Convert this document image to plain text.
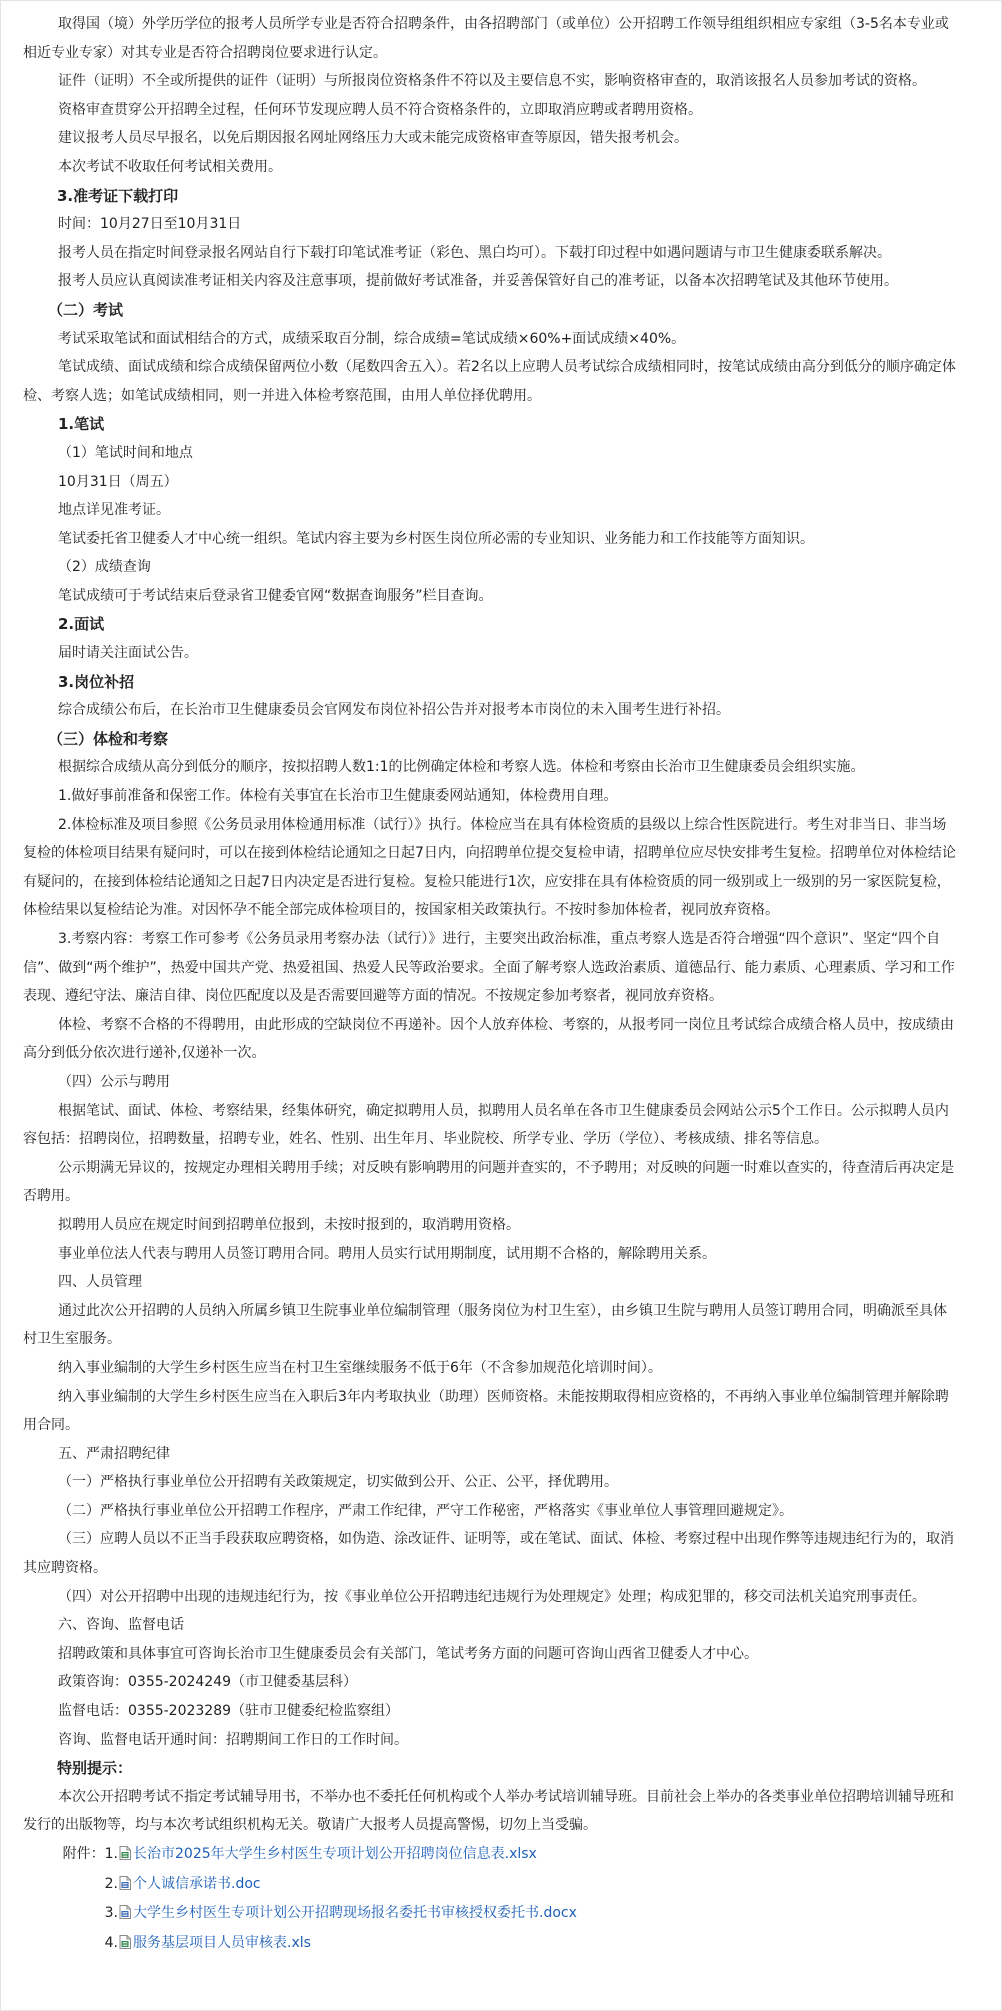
取得国（境）外学历学位的报考人员所学专业是否符合招聘条件，由各招聘部门（或单位）公开招聘工作领导组组织相应专家组（3-5名本专业或相近专业专家）对其专业是否符合招聘岗位要求进行认定。

证件（证明）不全或所提供的证件（证明）与所报岗位资格条件不符以及主要信息不实，影响资格审查的，取消该报名人员参加考试的资格。

资格审查贯穿公开招聘全过程，任何环节发现应聘人员不符合资格条件的，立即取消应聘或者聘用资格。

建议报考人员尽早报名，以免后期因报名网址网络压力大或未能完成资格审查等原因，错失报考机会。

本次考试不收取任何考试相关费用。

3.准考证下载打印

时间：10月27日至10月31日

报考人员在指定时间登录报名网站自行下载打印笔试准考证（彩色、黑白均可）。下载打印过程中如遇问题请与市卫生健康委联系解决。

报考人员应认真阅读准考证相关内容及注意事项，提前做好考试准备，并妥善保管好自己的准考证，以备本次招聘笔试及其他环节使用。

（二）考试

考试采取笔试和面试相结合的方式，成绩采取百分制，综合成绩=笔试成绩×60%+面试成绩×40%。

笔试成绩、面试成绩和综合成绩保留两位小数（尾数四舍五入）。若2名以上应聘人员考试综合成绩相同时，按笔试成绩由高分到低分的顺序确定体检、考察人选；如笔试成绩相同，则一并进入体检考察范围，由用人单位择优聘用。

1.笔试

（1）笔试时间和地点

10月31日（周五）

地点详见准考证。

笔试委托省卫健委人才中心统一组织。笔试内容主要为乡村医生岗位所必需的专业知识、业务能力和工作技能等方面知识。

（2）成绩查询

笔试成绩可于考试结束后登录省卫健委官网“数据查询服务”栏目查询。

2.面试

届时请关注面试公告。

3.岗位补招

综合成绩公布后，在长治市卫生健康委员会官网发布岗位补招公告并对报考本市岗位的未入围考生进行补招。

（三）体检和考察

根据综合成绩从高分到低分的顺序，按拟招聘人数1:1的比例确定体检和考察人选。体检和考察由长治市卫生健康委员会组织实施。

1.做好事前准备和保密工作。体检有关事宜在长治市卫生健康委网站通知，体检费用自理。

2.体检标准及项目参照《公务员录用体检通用标准（试行）》执行。体检应当在具有体检资质的县级以上综合性医院进行。考生对非当日、非当场复检的体检项目结果有疑问时，可以在接到体检结论通知之日起7日内，向招聘单位提交复检申请，招聘单位应尽快安排考生复检。招聘单位对体检结论有疑问的，在接到体检结论通知之日起7日内决定是否进行复检。复检只能进行1次，应安排在具有体检资质的同一级别或上一级别的另一家医院复检，体检结果以复检结论为准。对因怀孕不能全部完成体检项目的，按国家相关政策执行。不按时参加体检者，视同放弃资格。

3.考察内容：考察工作可参考《公务员录用考察办法（试行）》进行，主要突出政治标准，重点考察人选是否符合增强“四个意识”、坚定“四个自信”、做到“两个维护”，热爱中国共产党、热爱祖国、热爱人民等政治要求。全面了解考察人选政治素质、道德品行、能力素质、心理素质、学习和工作表现、遵纪守法、廉洁自律、岗位匹配度以及是否需要回避等方面的情况。不按规定参加考察者，视同放弃资格。

体检、考察不合格的不得聘用，由此形成的空缺岗位不再递补。因个人放弃体检、考察的，从报考同一岗位且考试综合成绩合格人员中，按成绩由高分到低分依次进行递补,仅递补一次。

（四）公示与聘用

根据笔试、面试、体检、考察结果，经集体研究，确定拟聘用人员，拟聘用人员名单在各市卫生健康委员会网站公示5个工作日。公示拟聘人员内容包括：招聘岗位，招聘数量，招聘专业，姓名、性别、出生年月、毕业院校、所学专业、学历（学位）、考核成绩、排名等信息。

公示期满无异议的，按规定办理相关聘用手续；对反映有影响聘用的问题并查实的，不予聘用；对反映的问题一时难以查实的，待查清后再决定是否聘用。

拟聘用人员应在规定时间到招聘单位报到，未按时报到的，取消聘用资格。

事业单位法人代表与聘用人员签订聘用合同。聘用人员实行试用期制度，试用期不合格的，解除聘用关系。

四、人员管理

通过此次公开招聘的人员纳入所属乡镇卫生院事业单位编制管理（服务岗位为村卫生室），由乡镇卫生院与聘用人员签订聘用合同，明确派至具体村卫生室服务。

纳入事业编制的大学生乡村医生应当在村卫生室继续服务不低于6年（不含参加规范化培训时间）。

纳入事业编制的大学生乡村医生应当在入职后3年内考取执业（助理）医师资格。未能按期取得相应资格的，不再纳入事业单位编制管理并解除聘用合同。

五、严肃招聘纪律

（一）严格执行事业单位公开招聘有关政策规定，切实做到公开、公正、公平，择优聘用。

（二）严格执行事业单位公开招聘工作程序，严肃工作纪律，严守工作秘密，严格落实《事业单位人事管理回避规定》。

（三）应聘人员以不正当手段获取应聘资格，如伪造、涂改证件、证明等，或在笔试、面试、体检、考察过程中出现作弊等违规违纪行为的，取消其应聘资格。

（四）对公开招聘中出现的违规违纪行为，按《事业单位公开招聘违纪违规行为处理规定》处理；构成犯罪的，移交司法机关追究刑事责任。

六、咨询、监督电话

招聘政策和具体事宜可咨询长治市卫生健康委员会有关部门，笔试考务方面的问题可咨询山西省卫健委人才中心。

政策咨询：0355-2024249（市卫健委基层科）

监督电话：0355-2023289（驻市卫健委纪检监察组）

咨询、监督电话开通时间：招聘期间工作日的工作时间。

特别提示：

本次公开招聘考试不指定考试辅导用书，不举办也不委托任何机构或个人举办考试培训辅导班。目前社会上举办的各类事业单位招聘培训辅导班和发行的出版物等，均与本次考试组织机构无关。敬请广大报考人员提高警惕，切勿上当受骗。

附件：1. 长治市2025年大学生乡村医生专项计划公开招聘岗位信息表.xlsx

2. 个人诚信承诺书.doc

3. 大学生乡村医生专项计划公开招聘现场报名委托书审核授权委托书.docx

4. 服务基层项目人员审核表.xls
